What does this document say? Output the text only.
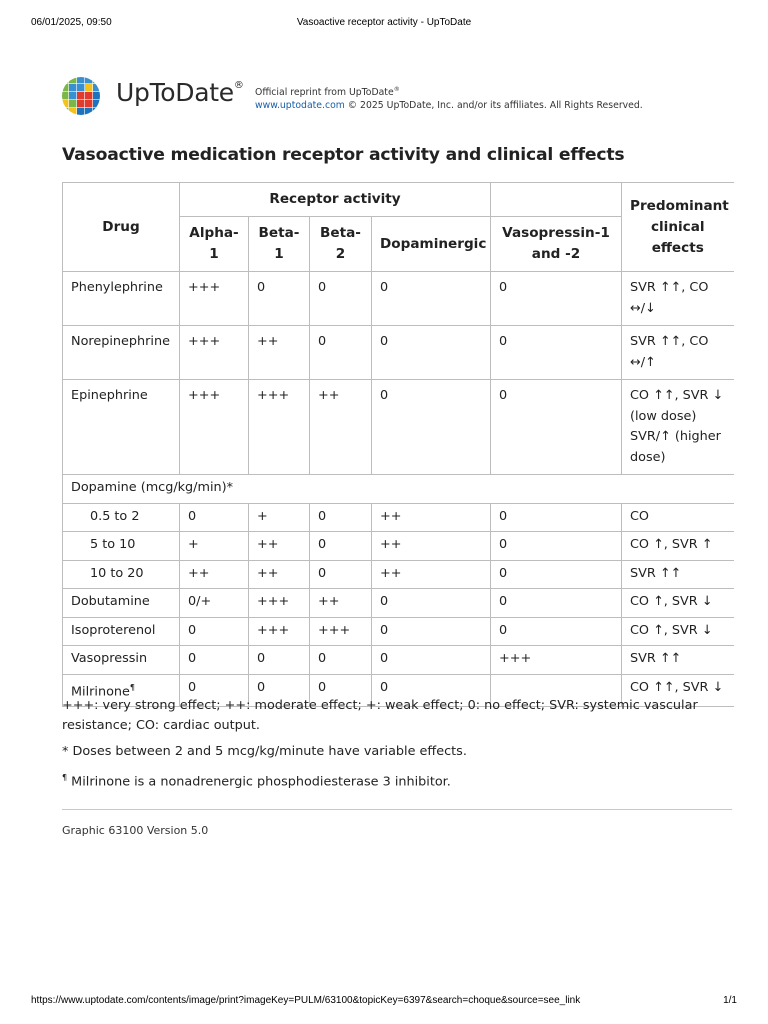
06/01/2025, 09:50	Vasoactive receptor activity - UpToDate
UpToDate®
Official reprint from UpToDate®
www.uptodate.com © 2025 UpToDate, Inc. and/or its affiliates. All Rights Reserved.
Vasoactive medication receptor activity and clinical effects
Drug	Receptor activity					Predominant clinical effects
	Alpha-1	Beta-1	Beta-2	Dopaminergic	Vasopressin-1 and -2	
Phenylephrine	+++	0	0	0	0	SVR ↑↑, CO ↔/↓
Norepinephrine	+++	++	0	0	0	SVR ↑↑, CO ↔/↑
Epinephrine	+++	+++	++	0	0	CO ↑↑, SVR ↓ (low dose) SVR/↑ (higher dose)
Dopamine (mcg/kg/min)*						
0.5 to 2	0	+	0	++	0	CO
5 to 10	+	++	0	++	0	CO ↑, SVR ↑
10 to 20	++	++	0	++	0	SVR ↑↑
Dobutamine	0/+	+++	++	0	0	CO ↑, SVR ↓
Isoproterenol	0	+++	+++	0	0	CO ↑, SVR ↓
Vasopressin	0	0	0	0	+++	SVR ↑↑
Milrinone¶	0	0	0	0		CO ↑↑, SVR ↓

+++: very strong effect; ++: moderate effect; +: weak effect; 0: no effect; SVR: systemic vascular resistance; CO: cardiac output.

* Doses between 2 and 5 mcg/kg/minute have variable effects.

¶ Milrinone is a nonadrenergic phosphodiesterase 3 inhibitor.

Graphic 63100 Version 5.0
https://www.uptodate.com/contents/image/print?imageKey=PULM/63100&topicKey=6397&search=choque&source=see_link	1/1
